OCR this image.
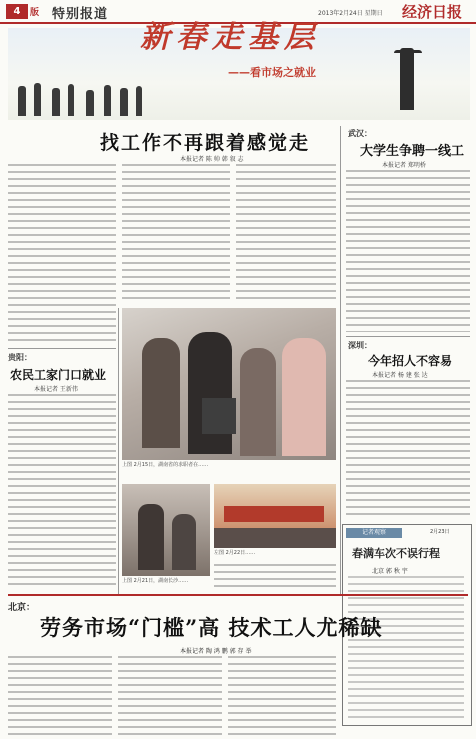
4	版 特别报道	2013年2月24日 星期日 经济日报
新春走基层
——看市场之就业
找工作不再跟着感觉走
本报记者 陈 帅 韩 叙 志
武汉：
大学生争聘一线工
本报记者 郑明桥
贵阳：
农民工家门口就业
本报记者 王新伟
上图 2月15日，湖南省的求职者在……
上图 2月21日，湖南长沙……
左图 2月22日……
深圳：
今年招人不容易
本报记者 杨 建 张 达
记者观察	2月23日
春满车次不误行程
北京 郭 秋 宇
北京：
劳务市场“门槛”高 技术工人尤稀缺
本报记者 陶 鸿 鹏 郭 存 举
